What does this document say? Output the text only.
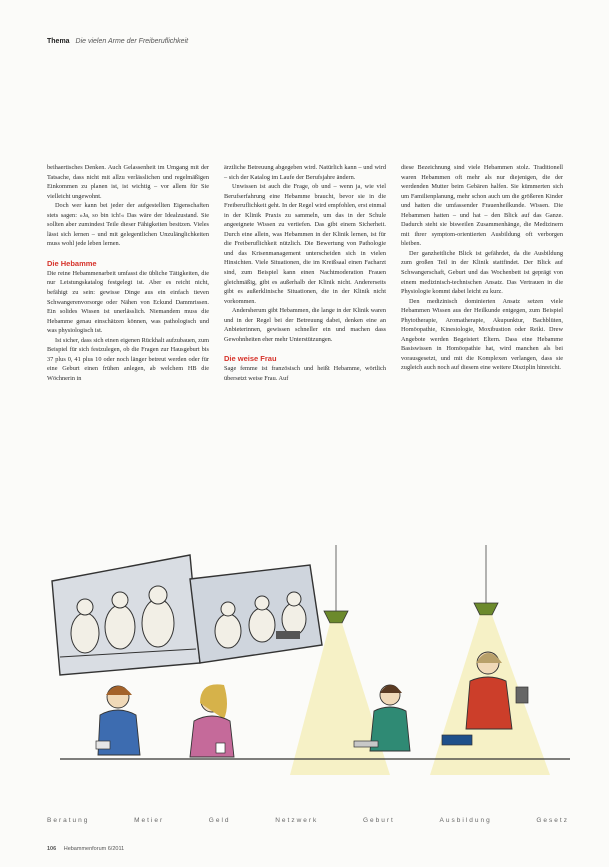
Thema Die vielen Arme der Freiberuflichkeit

beihaertisches Denken. Auch Gelassenheit im Umgang mit der Tatsache, dass nicht mit allzu verlässlichen und regelmäßigen Einkommen zu planen ist, ist wichtig – vor allem für Sie vielleicht ungewohnt.

Doch wer kann bei jeder der aufgestellten Eigenschaften stets sagen: »Ja, so bin ich!« Das wäre der Idealzustand. Sie sollten aber zumindest Teile dieser Fähigkeiten besitzen. Vieles lässt sich lernen – und mit gelegentlichen Unzulänglichkeiten muss wohl jede leben lernen.

Die Hebamme

Die reine Hebammenarbeit umfasst die übliche Tätigkeiten, die nur Leistungskatalog festgelegt ist. Aber es reicht nicht, befähigt zu sein: gewisse Dinge aus ein einfach tieven Schwangerenvorsorge oder Nähen von Eckund Dammrissen. Ein solides Wissen ist unerlässlich. Niemandem muss die Hebamme genau einschätzen können, was pathologisch und was physiologisch ist.

Ist sicher, dass sich einen eigenen Rückhalt aufzubauen, zum Beispiel für sich festzulegen, ob die Fragen zur Hausgeburt bis 37 plus 0, 41 plus 10 oder noch länger betreut werden oder für eine Geburt einen frühen anlegen, ab welchem HB die Wöchnerin in

ärztliche Betreuung abgegeben wird. Natürlich kann – und wird – sich der Katalog im Laufe der Berufsjahre ändern.

Unwissen ist auch die Frage, ob und – wenn ja, wie viel Berufserfahrung eine Hebamme braucht, bevor sie in die Freiberuflichkeit geht. In der Regel wird empfohlen, erst einmal in der Klinik Praxis zu sammeln, um das in der Schule angeeignete Wissen zu vertiefen. Das gibt einem Sicherheit. Durch eine allein, was Hebammen in der Klinik lernen, ist für die Freiberuflichkeit nützlich. Die Bewertung von Pathologie und das Krisenmanagement unterscheiden sich in vielen Hinsichten. Viele Situationen, die im Kreißsaal einen Facharzt sind, zum Beispiel kann einen Nachtmoderation Frauen gleichmäßig, gibt es außerhalb der Klinik nicht. Andererseits gibt es außerklinische Situationen, die in der Klinik nicht vorkommen.

Andersherum gibt Hebammen, die lange in der Klinik waren und in der Regel bei der Betreuung dabei, denken eine an Anbieterinnen, gewissen schneller ein und machen dass Gewohnheiten eher mehr Unterstützungen.

Die weise Frau

Sage femme ist französisch und heißt Hebamme, wörtlich übersetzt weise Frau. Auf

diese Bezeichnung sind viele Hebammen stolz. Traditionell waren Hebammen oft mehr als nur diejenigen, die der werdenden Mutter beim Gebären halfen. Sie kümmerten sich um Familienplanung, mehr schon auch um die größeren Kinder und hatten die umfassender Frauenheilkunde. Wissen. Die Hebammen hatten – und hat – den Blick auf das Ganze. Dadurch steht sie bisweilen Zusammenhänge, die Medizinern mit ihrer symptom-orientierten Ausbildung oft verborgen bleiben.

Der ganzheitliche Blick ist gefährdet, da die Ausbildung zum großen Teil in der Klinik stattfindet. Der Blick auf Schwangerschaft, Geburt und das Wochenbett ist geprägt von einem medizinisch-technischen Ansatz. Das Vertrauen in die Physiologie kommt dabei leicht zu kurz.

Den medizinisch dominierten Ansatz setzen viele Hebammen Wissen aus der Heilkunde entgegen, zum Beispiel Phytotherapie, Aromatherapie, Akupunktur, Bachblüten, Homöopathie, Kinesiologie, Moxibustion oder Reiki. Drew Angebote werden Begeistert Eltern. Dass eine Hebamme Basiswissen in Homöopathie hat, wird manchen als bei vorausgesetzt, und mit die Komplexen verlangen, dass sie zugleich auch noch auf diesem eine weitere Disziplin hinreicht.

Beratung	Metier	Geld	Netzwerk	Geburt	Ausbildung	Gesetz
106 Hebammenforum 6/2011
